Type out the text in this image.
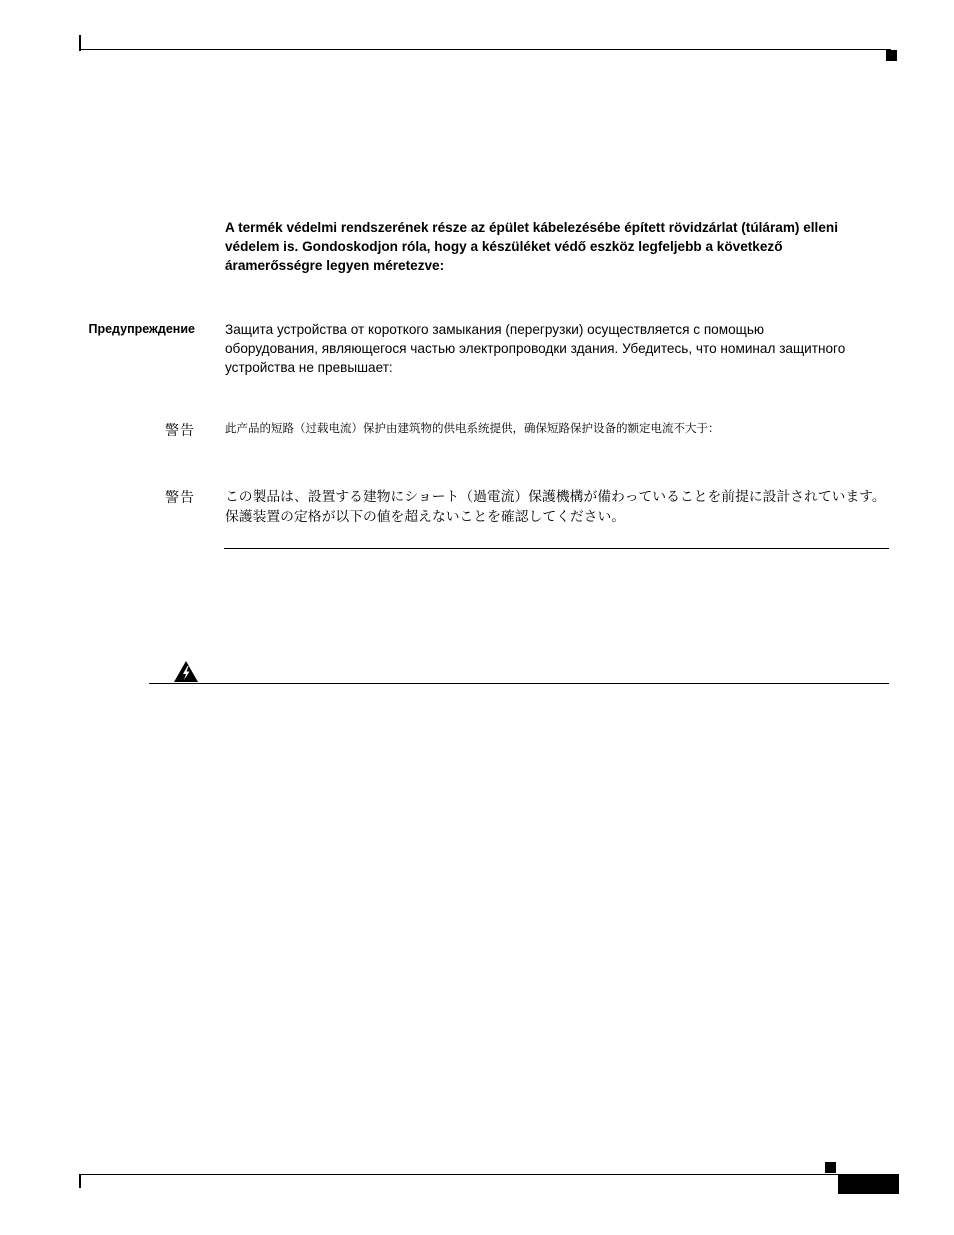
A termék védelmi rendszerének része az épület kábelezésébe épített rövidzárlat (túláram) elleni védelem is. Gondoskodjon róla, hogy a készüléket védő eszköz legfeljebb a következő áramerősségre legyen méretezve:
Предупреждение Защита устройства от короткого замыкания (перегрузки) осуществляется с помощью оборудования, являющегося частью электропроводки здания. Убедитесь, что номинал защитного устройства не превышает:
警告	此产品的短路（过载电流）保护由建筑物的供电系统提供，确保短路保护设备的额定电流不大于：
警告 この製品は、設置する建物にショート（過電流）保護機構が備わっていることを前提に設計されています。保護装置の定格が以下の値を超えないことを確認してください。
